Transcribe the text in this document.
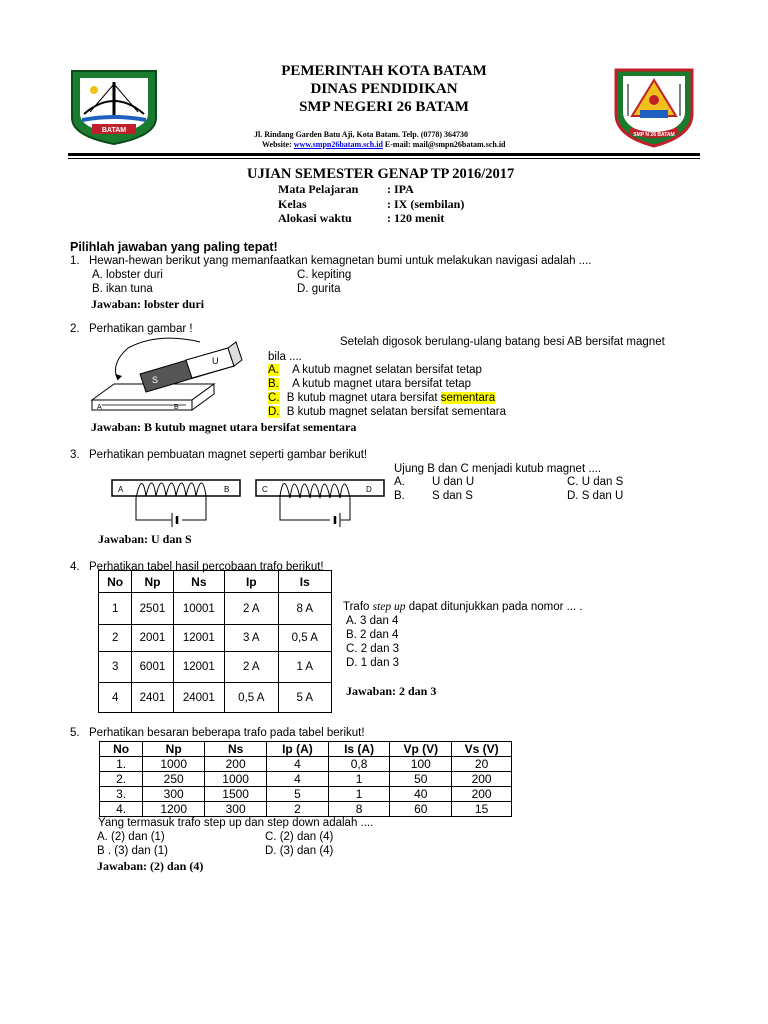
BATAM
SMP N 26 BATAM
PEMERINTAH KOTA BATAM
DINAS PENDIDIKAN
SMP NEGERI 26 BATAM
Jl. Rindang Garden Batu Aji, Kota Batam. Telp. (0778) 364730
Website: www.smpn26batam.sch.id E-mail: mail@smpn26batam.sch.id
UJIAN SEMESTER GENAP TP 2016/2017
Mata Pelajaran : IPA
Kelas	: IX (sembilan)
Alokasi waktu	: 120 menit
Pilihlah jawaban yang paling tepat!
1. Hewan-hewan berikut yang memanfaatkan kemagnetan bumi untuk melakukan navigasi adalah ....
A. lobster duri	C. kepiting
B. ikan tuna	D. gurita
Jawaban: lobster duri
2. Perhatikan gambar !
A	B
S
U
Setelah digosok berulang-ulang batang besi AB bersifat magnet
bila ....
A. A kutub magnet selatan bersifat tetap
B. A kutub magnet utara bersifat tetap
C. B kutub magnet utara bersifat sementara
D. B kutub magnet selatan bersifat sementara
Jawaban: B kutub magnet utara bersifat sementara
3. Perhatikan pembuatan magnet seperti gambar berikut!
A	B	C	D
Ujung B dan C menjadi kutub magnet ....
A. U dan U	C. U dan S
B. S dan S	D. S dan U
Jawaban: U dan S
4. Perhatikan tabel hasil percobaan trafo berikut!
No	Np	Ns	Ip	Is
1	2501	10001	2 A	8 A
2	2001	12001	3 A	0,5 A
3	6001	12001	2 A	1 A
4	2401	24001	0,5 A	5 A
Trafo step up dapat ditunjukkan pada nomor ... .
A. 3 dan 4
B. 2 dan 4
C. 2 dan 3
D. 1 dan 3
Jawaban: 2 dan 3
5. Perhatikan besaran beberapa trafo pada tabel berikut!
No	Np	Ns	Ip (A)	Is (A)	Vp (V)	Vs (V)
1.	1000	200	4	0,8	100	20
2.	250	1000	4	1	50	200
3.	300	1500	5	1	40	200
4.	1200	300	2	8	60	15
Yang termasuk trafo step up dan step down adalah ....
A. (2) dan (1)	C. (2) dan (4)
B . (3) dan (1)	D. (3) dan (4)
Jawaban: (2) dan (4)
